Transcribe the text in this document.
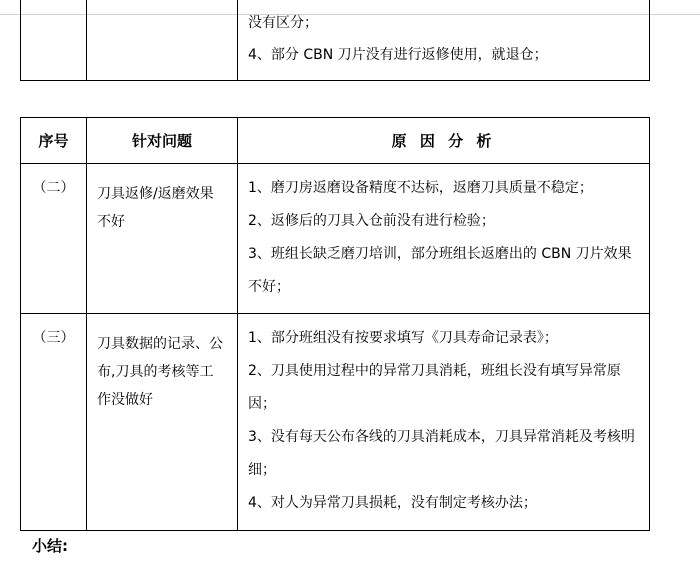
没有区分；
4、部分 CBN 刀片没有进行返修使用，就退仓；
序号	针对问题	原 因 分 析
（二）	刀具返修/返磨效果不好	1、磨刀房返磨设备精度不达标，返磨刀具质量不稳定；

2、返修后的刀具入仓前没有进行检验；

3、班组长缺乏磨刀培训，部分班组长返磨出的 CBN 刀片效果不好；

（三）	刀具数据的记录、公布,刀具的考核等工作没做好	1、部分班组没有按要求填写《刀具寿命记录表》；

2、刀具使用过程中的异常刀具消耗，班组长没有填写异常原因；

3、没有每天公布各线的刀具消耗成本，刀具异常消耗及考核明细；

4、对人为异常刀具损耗，没有制定考核办法；

小结:
